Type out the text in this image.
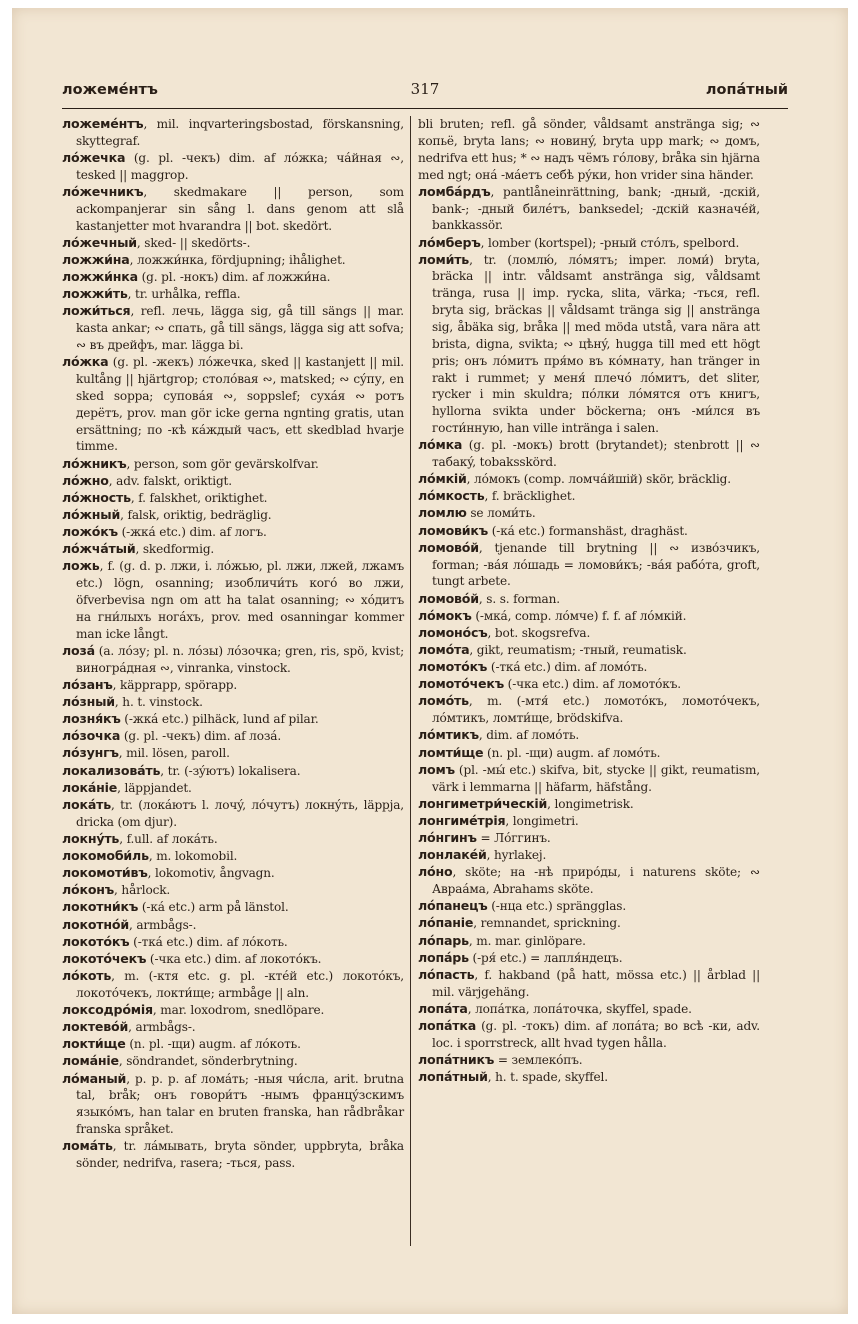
ложемéнтъ	317	лопáтный
ложемéнтъ, mil. inqvarteringsbostad, förskansning, skyttegraf.
лóжечка (g. pl. -чекъ) dim. af лóжка; чáйная ∾, tesked || maggrop.
лóжечникъ, skedmakare || person, som ackompanjerar sin sång l. dans genom att slå kastanjetter mot hvarandra || bot. skedört.
лóжечный, sked- || skedörts-.
ложжи́на, ложжи́нка, fördjupning; ihålighet.
ложжи́нка (g. pl. -нокъ) dim. af ложжи́на.
ложжи́ть, tr. urhålka, reffla.
ложи́ться, refl. лечь, lägga sig, gå till sängs || mar. kasta ankar; ∾ спать, gå till sängs, lägga sig att sofva; ∾ въ дрейфъ, mar. lägga bi.
лóжка (g. pl. -жекъ) лóжечка, sked || kastanjett || mil. kultång || hjärtgrop; столóвая ∾, matsked; ∾ сýпу, en sked soppa; суповáя ∾, soppslef; сухáя ∾ ротъ дерётъ, prov. man gör icke gerna ngnting gratis, utan ersättning; по -кѣ кáждый часъ, ett skedblad hvarje timme.
лóжникъ, person, som gör gevärskolfvar.
лóжно, adv. falskt, oriktigt.
лóжность, f. falskhet, oriktighet.
лóжный, falsk, oriktig, bedräglig.
ложóкъ (-жкá etc.) dim. af логъ.
лóжчáтый, skedformig.
ложь, f. (g. d. p. лжи, i. лóжью, pl. лжи, лжей, лжамъ etc.) lögn, osanning; изобличи́ть когó во лжи, öfverbevisa ngn om att ha talat osanning; ∾ хóдитъ на гни́лыхъ ногáхъ, prov. med osanningar kommer man icke långt.
лозá (a. лóзу; pl. n. лóзы) лóзочка; gren, ris, spö, kvist; виногрáдная ∾, vinranka, vinstock.
лóзанъ, käpprapp, spörapp.
лóзный, h. t. vinstock.
лозня́къ (-жкá etc.) pilhäck, lund af pilar.
лóзочка (g. pl. -чекъ) dim. af лозá.
лóзунгъ, mil. lösen, paroll.
локализовáть, tr. (-зýютъ) lokalisera.
локáніе, läppjandet.
локáть, tr. (локáютъ l. лочý, лóчутъ) локнýть, läppja, dricka (om djur).
локнýть, f.ull. af локáть.
локомоби́ль, m. lokomobil.
локомоти́въ, lokomotiv, ångvagn.
лóконъ, hårlock.
локотни́къ (-кá etc.) arm på länstol.
локотнóй, armbågs-.
локотóкъ (-ткá etc.) dim. af лóкоть.
локотóчекъ (-чка etc.) dim. af локотóкъ.
лóкоть, m. (-ктя etc. g. pl. -ктéй etc.) локотóкъ, локотóчекъ, локти́ще; armbåge || aln.
локсодрóмія, mar. loxodrom, snedlöpare.
локтевóй, armbågs-.
локти́ще (n. pl. -щи) augm. af лóкоть.
ломáніе, söndrandet, sönderbrytning.
лóманый, p. p. p. af ломáть; -ныя чи́сла, arit. brutna tal, bråk; онъ говори́тъ -нымъ францýзскимъ языкóмъ, han talar en bruten franska, han rådbråkar franska språket.
ломáть, tr. лáмывать, bryta sönder, uppbryta, bråka sönder, nedrifva, rasera; -ться, pass.
bli bruten; refl. gå sönder, våldsamt anstränga sig; ∾ копьё, bryta lans; ∾ новинý, bryta upp mark; ∾ домъ, nedrifva ett hus; * ∾ надъ чёмъ гóлову, bråka sin hjärna med ngt; онá -мáетъ себѣ рýки, hon vrider sina händer.
ломбáрдъ, pantlåneinrättning, bank; -дный, -дскій, bank-; -дный билéтъ, banksedel; -дскій казначéй, bankkassör.
лóмберъ, lomber (kortspel); -рный стóлъ, spelbord.
ломи́ть, tr. (ломлю́, лóмятъ; imper. ломи́) bryta, bräcka || intr. våldsamt anstränga sig, våldsamt tränga, rusa || imp. rycka, slita, värka; -ться, refl. bryta sig, bräckas || våldsamt tränga sig || anstränga sig, åbäka sig, bråka || med möda utstå, vara nära att brista, digna, svikta; ∾ цѣнý, hugga till med ett högt pris; онъ лóмитъ пря́мо въ кóмнату, han tränger in rakt i rummet; у меня́ плечó лóмитъ, det sliter, rycker i min skuldra; пóлки лóмятся отъ книгъ, hyllorna svikta under böckerna; онъ -ми́лся въ гости́нную, han ville intränga i salen.
лóмка (g. pl. -мокъ) brott (brytandet); stenbrott || ∾ табакý, tobaksskörd.
лóмкій, лóмокъ (comp. ломчáйшій) skör, bräcklig.
лóмкость, f. bräcklighet.
ломлю se ломи́ть.
ломови́къ (-кá etc.) formanshäst, draghäst.
ломовóй, tjenande till brytning || ∾ изво́зчикъ, forman; -вáя лóшадь = ломови́къ; -вáя рабóта, groft, tungt arbete.
ломовóй, s. s. forman.
лóмокъ (-мкá, comp. лóмче) f. f. af лóмкій.
ломонóсъ, bot. skogsrefva.
ломóта, gikt, reumatism; -тный, reumatisk.
ломотóкъ (-ткá etc.) dim. af ломóть.
ломотóчекъ (-чка etc.) dim. af ломотóкъ.
ломóть, m. (-мтя́ etc.) ломотóкъ, ломотóчекъ, лóмтикъ, ломти́ще, brödskifva.
лóмтикъ, dim. af ломóть.
ломти́ще (n. pl. -щи) augm. af ломóть.
ломъ (pl. -мы́ etc.) skifva, bit, stycke || gikt, reumatism, värk i lemmarna || häfarm, häfstång.
лонгиметри́ческій, longimetrisk.
лонгимéтрія, longimetri.
лóнгинъ = Лóггинъ.
лонлакéй, hyrlakej.
лóно, sköte; на -нѣ прирóды, i naturens sköte; ∾ Авраáма, Abrahams sköte.
лóпанецъ (-нца etc.) sprängglas.
лóпаніе, remnandet, sprickning.
лóпарь, m. mar. ginlöpare.
лопáрь (-ря́ etc.) = лапля́ндецъ.
лóпасть, f. hakband (på hatt, mössa etc.) || årblad || mil. värjgehäng.
лопáта, лопáтка, лопáточка, skyffel, spade.
лопáтка (g. pl. -токъ) dim. af лопáта; во всѣ -ки, adv. loc. i sporrstreck, allt hvad tygen hålla.
лопáтникъ = землекóпъ.
лопáтный, h. t. spade, skyffel.
